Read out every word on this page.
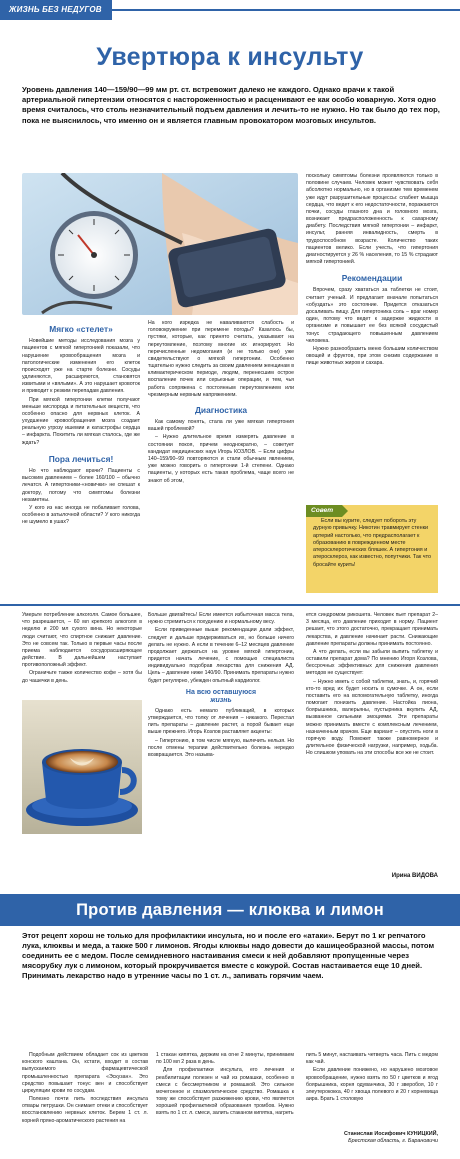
ЖИЗНЬ БЕЗ НЕДУГОВ
Увертюра к инсульту
Уровень давления 140—159/90—99 мм рт. ст. встревожит далеко не каждого. Однако врачи к такой артериальной гипертензии относятся с настороженностью и расценивают ее как особо коварную. Хотя одно время считалось, что столь незначительный подъем давления и лечить-то не нужно. Но так было до тех пор, пока не выяснилось, что именно он и является главным провокатором мозговых инсультов.
Мягко «стелет»

Новейшие методы исследования мозга у пациентов с мягкой гипертонией показали, что нарушение кровообращения мозга и патологические изменения его клеток происходят уже на старте болезни. Сосуды удлиняются, расширяются, становятся извитыми и «вялыми». А это нарушает кровоток и приводит к резким перепадам давления.

При мягкой гипертонии клетки получают меньше кислорода и питательных веществ, что особенно опасно для нервных клеток. А ухудшение кровообращения мозга создает реальную угрозу ишемии и катастрофы сердца – инфаркта. Похитить ли мягкая сталось, где же ждать?

Пора лечиться!

Но что наблюдают врачи? Пациенты с высоким давлением – более 160/100 – обычно лечатся. А гипертоники-«новички» не спешат к доктору, потому что симптомы болезни незаметны.

У кого из нас иногда не побаливает голова, особенно в затылочной области? У кого никогда не шумело в ушах?

На кого изредка не наваливаются слабость и головокружение при перемене погоды? Казалось бы, пустяки, которые, как принято считать, указывают на переутомление, поэтому многие их игнорируют. Но перечисленные недомогания (и не только они) уже свидетельствуют о мягкой гипертонии. Особенно тщательно нужно следить за своим давлением женщинам в климактерическом периоде, людям, перенесшим острое воспаление почек или серьезные операции, и тем, чья работа сопряжена с постоянным переутомлением или чрезмерным нервным напряжением.

Диагностика

Как самому понять, стала ли уже мягкая гипертония вашей проблемой?

– Нужно длительное время измерять давление в состоянии покоя, причем неоднократно, – советует кандидат медицинских наук Игорь КОЗЛОВ. – Если цифры 140–159/90–99 повторяются и стали обычным явлением, уже можно говорить о гипертонии 1-й степени. Однако пациенты, у которых есть такая проблема, чаще всего не знают об этом,

поскольку симптомы болезни проявляются только в половине случаев. Человек может чувствовать себя абсолютно нормально, но в организме тем временем уже идут разрушительные процессы: слабеет мышца сердца, что ведет к его недостаточности, поражаются почки, сосуды глазного дна и головного мозга, возникает предрасположенность к сахарному диабету. Последствия мягкой гипертонии – инфаркт, инсульт, ранняя инвалидность, смерть в трудоспособном возрасте. Количество таких пациентов велико. Если учесть, что гипертония диагностируется у 26 % населения, то 15 % страдают мягкой гипертонией.

Рекомендации

Впрочем, сразу хвататься за таблетки не стоит, считает ученый. И предлагает вначале попытаться «обуздать» это состояние. Придется отказаться досаливать пищу. Для гипертоника соль – враг номер один, потому что ведет к задержке жидкости в организме и повышает ее без всякой сосудистый тонус страдающего повышенным давлением человека.

Нужно разнообразить меню большим количеством овощей и фруктов, при этом снизив содержание в пище животных жиров и сахара.

Совет
Если вы курите, следует побороть эту дурную привычку. Никотин травмирует стенки артерий настолько, что предрасполагает к образованию в поврежденном месте атеросклеротических бляшек. А гипертония и атеросклероз, как известно, попутчики. Так что бросайте курить!

Умерьте потребление алкоголя. Самое большее, что разрешается, – 60 мл крепкого алкоголя в неделю и 200 мл сухого вина. Но некоторые люди считают, что спиртное снижает давление. Это не совсем так. Только в первые часы после приема наблюдается сосудорасширяющее действие. В дальнейшем наступает противоположный эффект.

Ограничьте также количество кофе – хотя бы до чашечки в день.

Больше двигайтесь! Если имеется избыточная масса тела, нужно стремиться к похудению и нормальному весу.

Если приведенные выше рекомендации дали эффект, следует и дальше придерживаться их, но больше ничего делать не нужно. А если в течение 6–12 месяцев давление продолжает держаться на уровне мягкой гипертонии, придется начать лечение, с помощью специалиста индивидуально подобрав лекарства для снижения АД. Цель – давление ниже 140/90. Принимать препараты нужно будет регулярно, убежден опытный кардиолог.

На всю оставшуюся
жизнь

Однако есть немало публикаций, в которых утверждается, что толку от лечения – никакого. Перестал пить препараты – давление растет, а порой бывает еще выше прежнего. Игорь Козлов раставляет акценты:

– Гипертонию, в том числе мягкую, вылечить нельзя. Но после отмены терапии действительно болезнь нередко возвращается. Это называ-

ется синдромом рикошета. Человек пьет препарат 2–3 месяца, его давление приходит в норму. Пациент решает, что этого достаточно, прекращает принимать лекарства, и давление начинает расти. Снижающие давление препараты должны принимать постоянно.

А что делать, если вы забыли выпить таблетку и оставили препарат дома? По мнению Игоря Козлова, бессрочных эффективных для снижения давления методов не существует:

– Нужно иметь с собой таблетки, знать, и, горячий кто-то вред их будет носить в сумочке. А он, если поставить его на вспомогательную таблетку, иногда помогает понизить давление. Настойка пиона, боярышника, валерьяны, пустырника вкупить АД, вызванное сильными эмоциями. Эти препараты можно принимать вместе с комплексным лечением, назначенным врачом. Еще вариант – опустить ноги в горячую воду. Поможет также равномерное и длительное физической нагрузки, например, ходьба. Но слишком уповать на эти способы все же не стоит.

Ирина ВИДОВА
Против давления — клюква и лимон
Этот рецепт хорош не только для профилактики инсульта, но и после его «атаки». Берут по 1 кг репчатого лука, клюквы и меда, а также 500 г лимонов. Ягоды клюквы надо довести до кашицеобразной массы, потом соединить ее с медом. После семидневного настаивания смеси к ней добавляют пропущенные через мясорубку лук с лимоном, который прокручивается вместе с кожурой. Состав настаивается еще 10 дней. Принимать лекарство надо в утренние часы по 1 ст. л., запивать горячим чаем.

Подобным действием обладает сок из цветков конского каштана. Он, кстати, входит в состав выпускаемого фармацевтической промышленностью препарата «Эскузан». Это средство повышает тонус вен и способствует циркуляции крови по сосудам.

Полезно почти пить последствия инсульта отвары петрушки. Он снимает отеки и способствует восстановлению нервных клеток. Берем 1 ст. л. корней пряно-ароматического растения на

1 стакан кипятка, держим на огне 2 минуты, принимаем по 100 мл 2 раза в день.

Для профилактики инсульта, его лечения и реабилитации полезен и чай из ромашки, особенно в смеси с бессмертником и ромашкой. Это сильное мочегонное и спазмолитическое средство. Ромашка к тому же способствует разжижению крови, что является хорошей профилактикой образования тромбов. Нужно взять по 1 ст. л. смеси, залить стаканом кипятка, нагреть

пить 5 минут, настаивать четверть часа. Пить с медом как чай.

Если давление понижено, но нарушено мозговое кровообращение, нужно взять по 50 г цветков и ягод боярышника, корня одуванчика, 30 г зверобоя, 10 г элеутерококка, 40 г хвоща полевого и 20 г корневища аира. Брать 1 столовую

Станислав Иосифович КУНИЦКИЙ,
Брестская область, г. Барановичи
